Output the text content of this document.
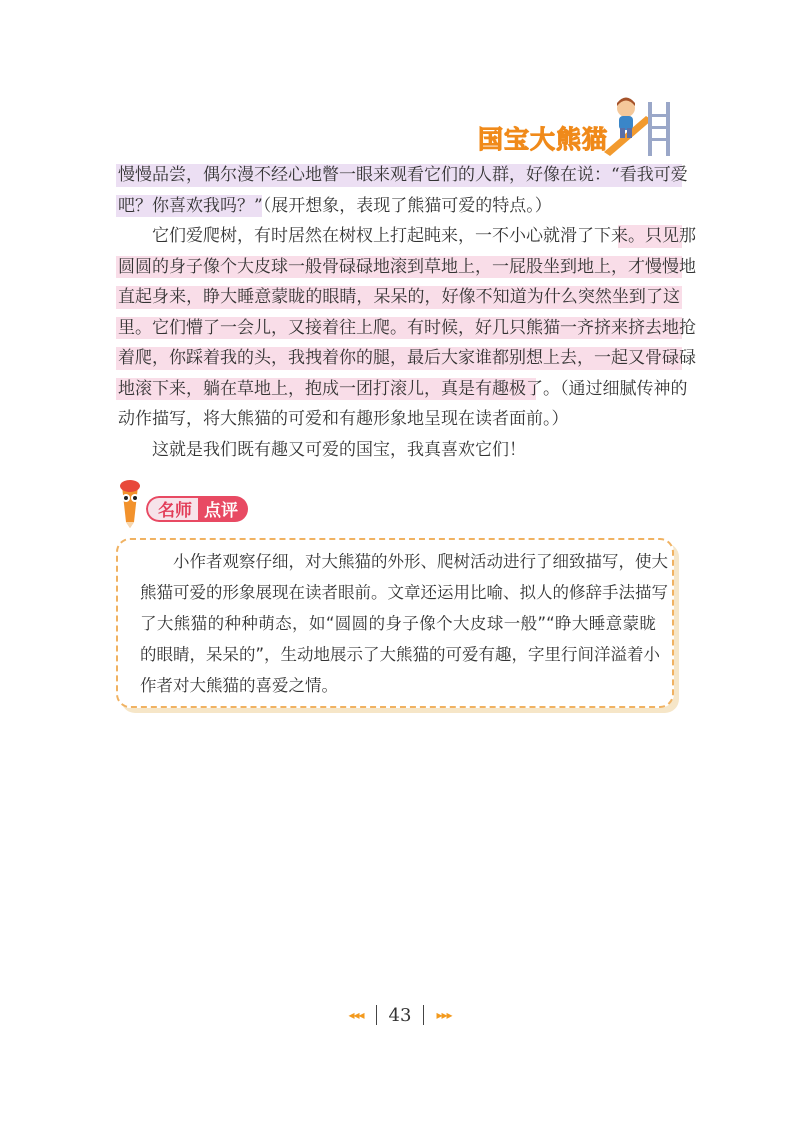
国宝大熊猫
慢慢品尝，偶尔漫不经心地瞥一眼来观看它们的人群，好像在说：“看我可爱
吧？你喜欢我吗？”（展开想象，表现了熊猫可爱的特点。）
它们爱爬树，有时居然在树杈上打起盹来，一不小心就滑了下来。只见那
圆圆的身子像个大皮球一般骨碌碌地滚到草地上，一屁股坐到地上，才慢慢地
直起身来，睁大睡意蒙眬的眼睛，呆呆的，好像不知道为什么突然坐到了这
里。它们懵了一会儿，又接着往上爬。有时候，好几只熊猫一齐挤来挤去地抢
着爬，你踩着我的头，我拽着你的腿，最后大家谁都别想上去，一起又骨碌碌
地滚下来，躺在草地上，抱成一团打滚儿，真是有趣极了。（通过细腻传神的
动作描写，将大熊猫的可爱和有趣形象地呈现在读者面前。）
这就是我们既有趣又可爱的国宝，我真喜欢它们！
名师 点评
小作者观察仔细，对大熊猫的外形、爬树活动进行了细致描写，使大
熊猫可爱的形象展现在读者眼前。文章还运用比喻、拟人的修辞手法描写
了大熊猫的种种萌态，如“圆圆的身子像个大皮球一般”“睁大睡意蒙眬
的眼睛，呆呆的”，生动地展示了大熊猫的可爱有趣，字里行间洋溢着小
作者对大熊猫的喜爱之情。
◂◂◂ 43 ▸▸▸
